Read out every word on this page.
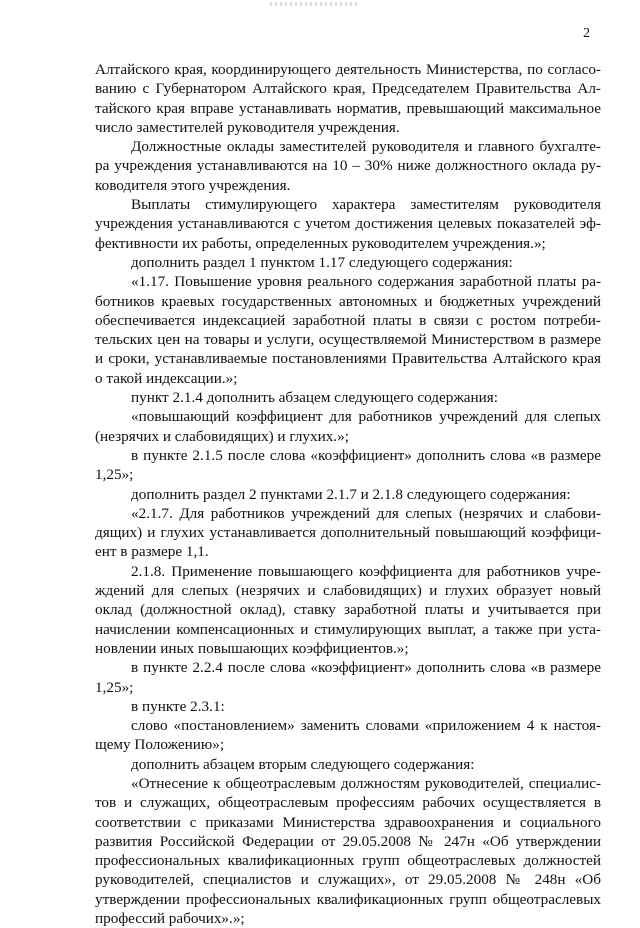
2
Алтайского края, координирующего деятельность Министерства, по согласо-
ванию с Губернатором Алтайского края, Председателем Правительства Ал-
тайского края вправе устанавливать норматив, превышающий максимальное
число заместителей руководителя учреждения.
Должностные оклады заместителей руководителя и главного бухгалте-
ра учреждения устанавливаются на 10 – 30% ниже должностного оклада ру-
ководителя этого учреждения.
Выплаты стимулирующего характера заместителям руководителя
учреждения устанавливаются с учетом достижения целевых показателей эф-
фективности их работы, определенных руководителем учреждения.»;
дополнить раздел 1 пунктом 1.17 следующего содержания:
«1.17. Повышение уровня реального содержания заработной платы ра-
ботников краевых государственных автономных и бюджетных учреждений
обеспечивается индексацией заработной платы в связи с ростом потреби-
тельских цен на товары и услуги, осуществляемой Министерством в размере
и сроки, устанавливаемые постановлениями Правительства Алтайского края
о такой индексации.»;
пункт 2.1.4 дополнить абзацем следующего содержания:
«повышающий коэффициент для работников учреждений для слепых
(незрячих и слабовидящих) и глухих.»;
в пункте 2.1.5 после слова «коэффициент» дополнить слова «в размере
1,25»;
дополнить раздел 2 пунктами 2.1.7 и 2.1.8 следующего содержания:
«2.1.7. Для работников учреждений для слепых (незрячих и слабови-
дящих) и глухих устанавливается дополнительный повышающий коэффици-
ент в размере 1,1.
2.1.8. Применение повышающего коэффициента для работников учре-
ждений для слепых (незрячих и слабовидящих) и глухих образует новый
оклад (должностной оклад), ставку заработной платы и учитывается при
начислении компенсационных и стимулирующих выплат, а также при уста-
новлении иных повышающих коэффициентов.»;
в пункте 2.2.4 после слова «коэффициент» дополнить слова «в размере
1,25»;
в пункте 2.3.1:
слово «постановлением» заменить словами «приложением 4 к настоя-
щему Положению»;
дополнить абзацем вторым следующего содержания:
«Отнесение к общеотраслевым должностям руководителей, специалис-
тов и служащих, общеотраслевым профессиям рабочих осуществляется в
соответствии с приказами Министерства здравоохранения и социального
развития Российской Федерации от 29.05.2008 № 247н «Об утверждении
профессиональных квалификационных групп общеотраслевых должностей
руководителей, специалистов и служащих», от 29.05.2008 № 248н «Об
утверждении профессиональных квалификационных групп общеотраслевых
профессий рабочих».»;
